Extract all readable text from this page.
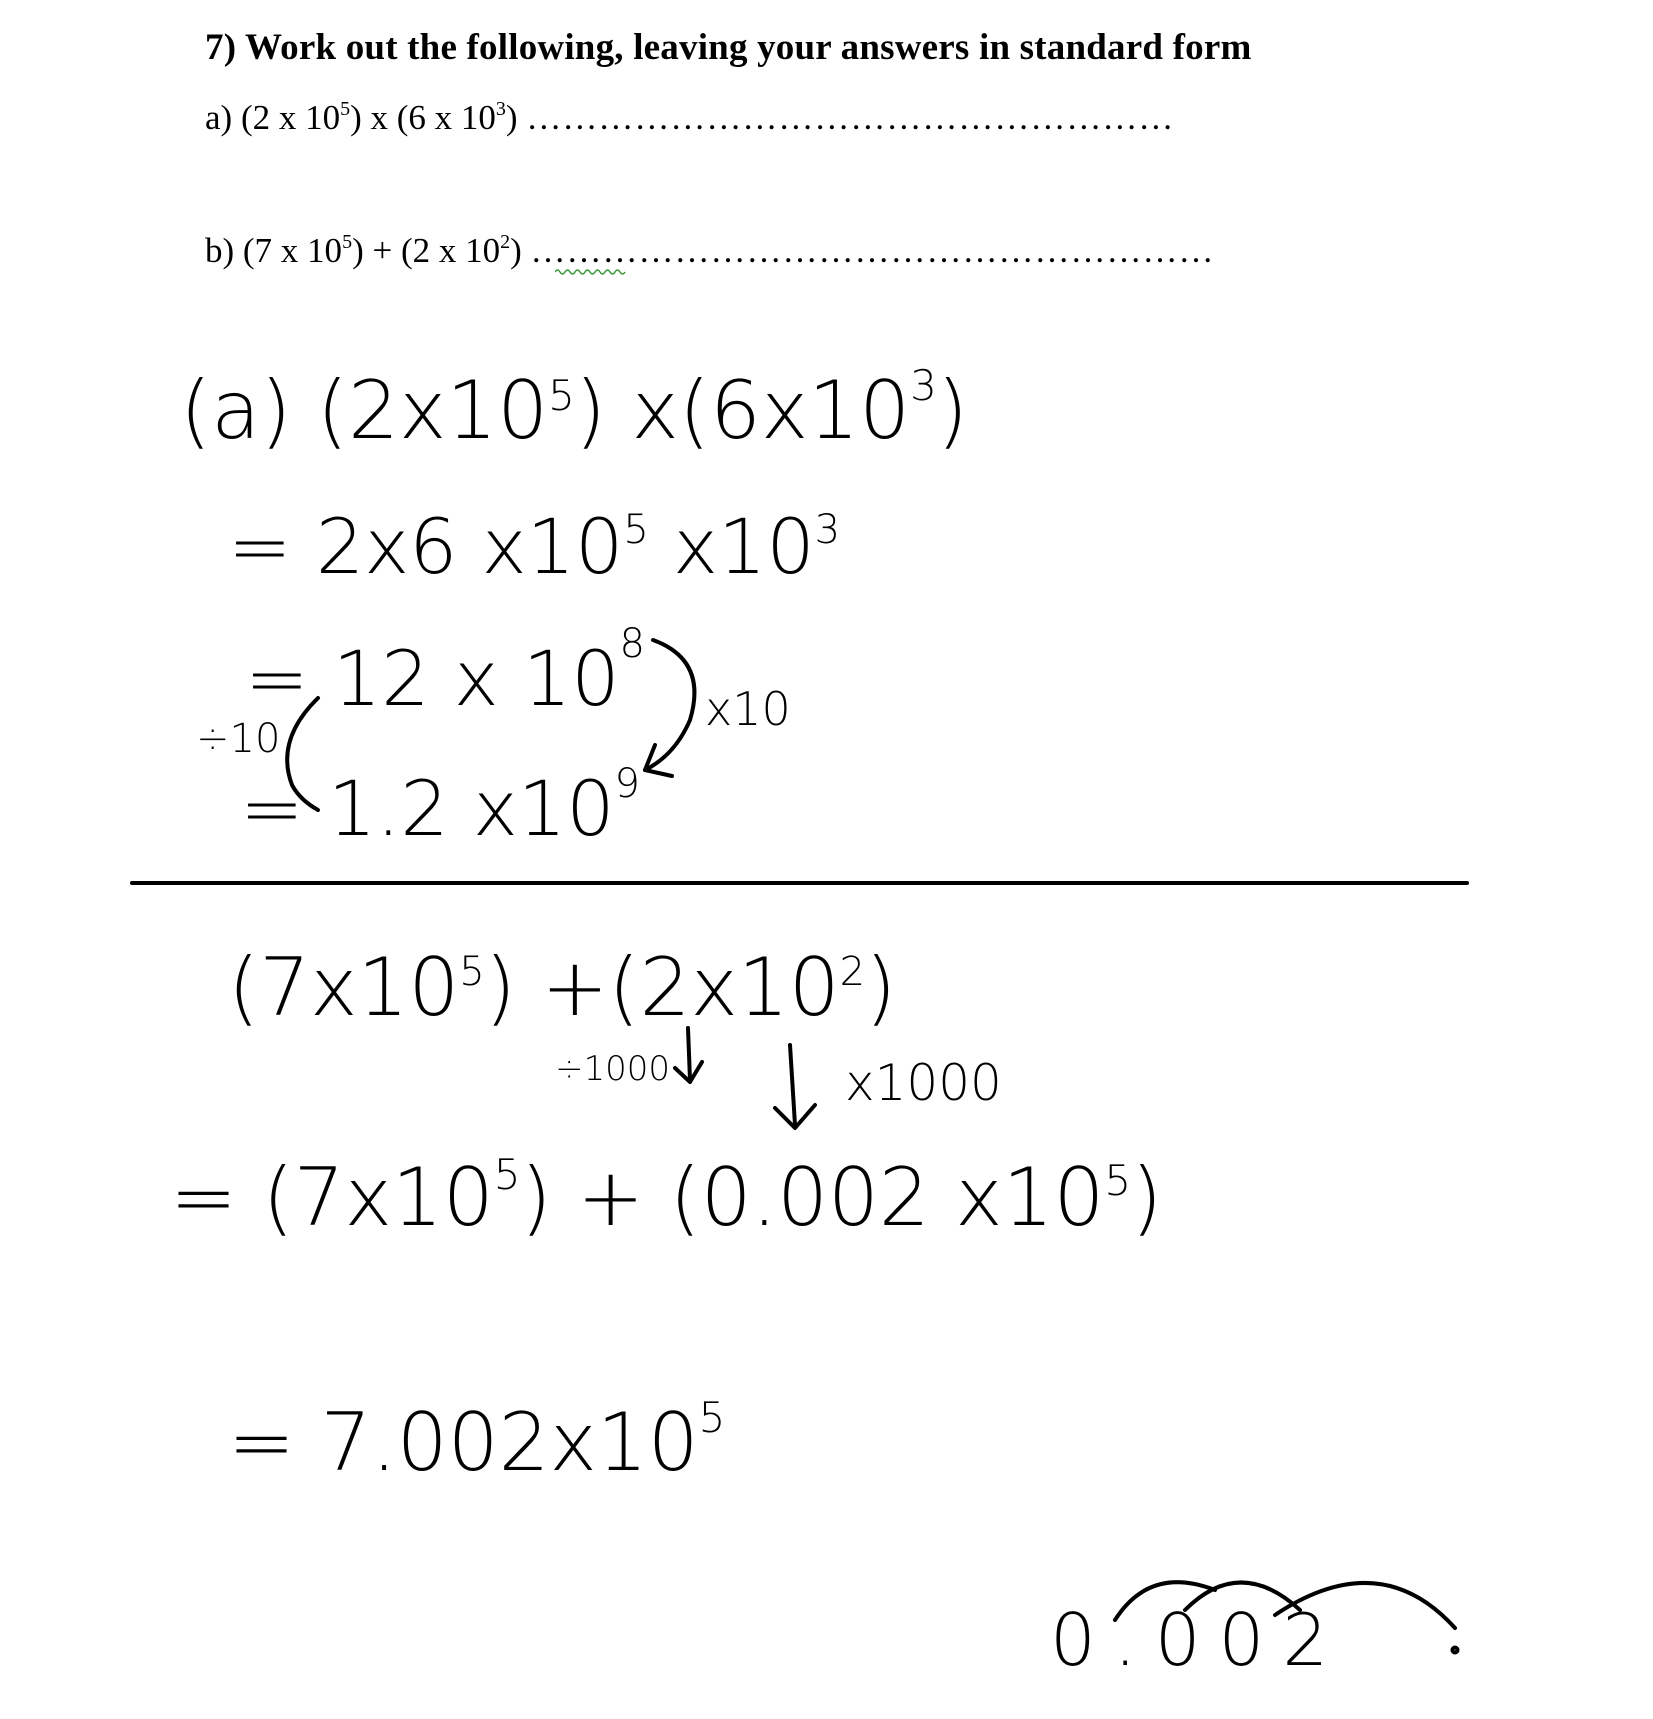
7) Work out the following, leaving your answers in standard form
a) (2 x $10^5$) x (6 x $10^3$) ………………………………………………
b) (7 x $10^5) + (2$ x $10^2$) …………………………………………………
(a) $(2x10^5)$ $x(6x10^3)$
= 2x6 $x10^5$ $x10^3$
= 12 x $10^8$
x10
÷10
= 1.2 $x10^9$
$(7x10^5) +(2x10^2)$
÷1000	x1000
= $(7x10^5) + (0.002$ $x10^5$)
= $7.002x10^5$
0.002
